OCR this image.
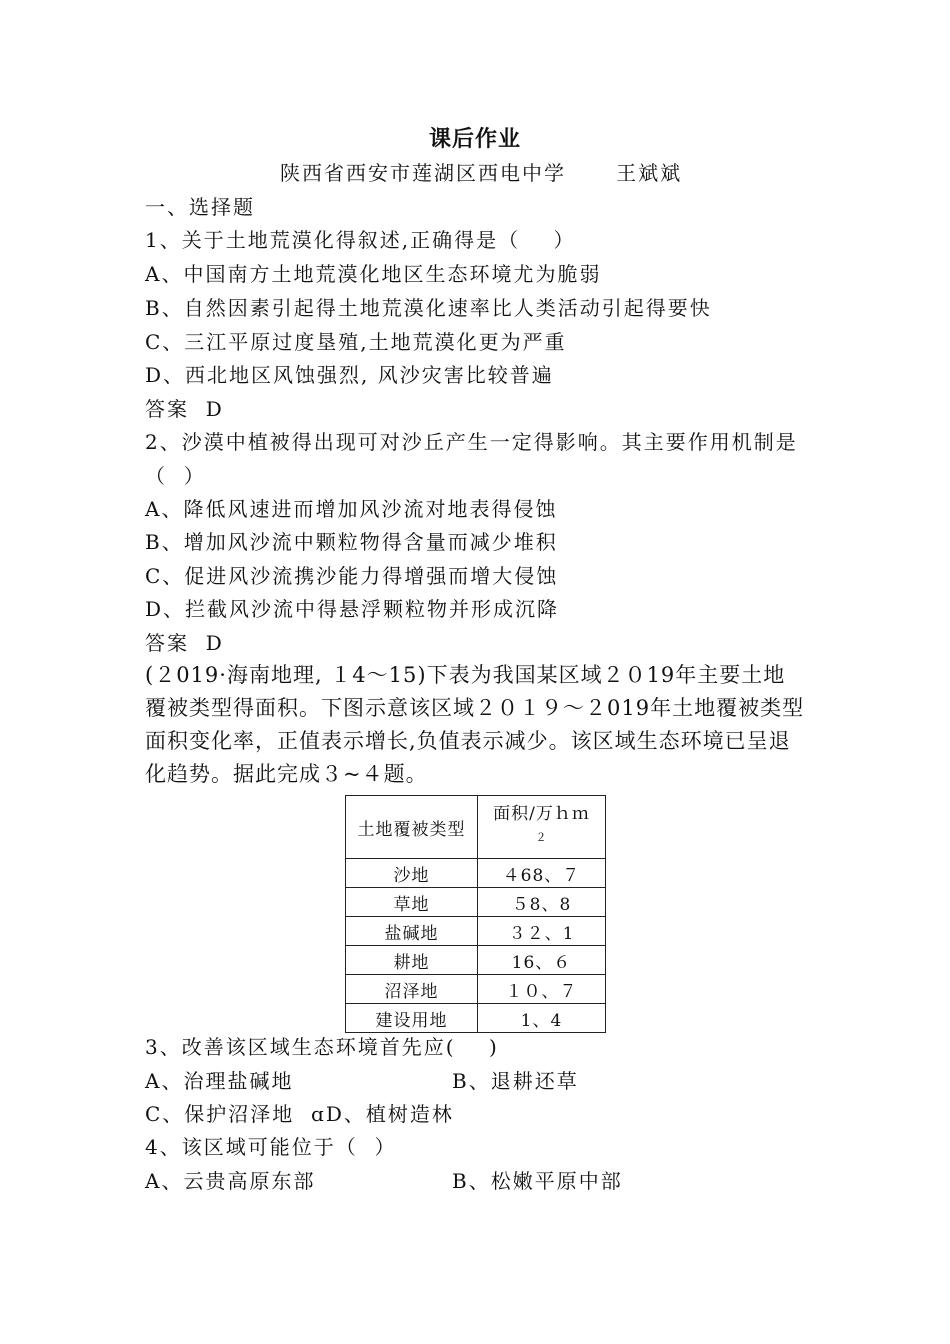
课后作业
陕西省西安市莲湖区西电中学      王斌斌
一、选择题
1、关于土地荒漠化得叙述,正确得是（    ）
A、中国南方土地荒漠化地区生态环境尤为脆弱
B、自然因素引起得土地荒漠化速率比人类活动引起得要快
C、三江平原过度垦殖,土地荒漠化更为严重
D、西北地区风蚀强烈, 风沙灾害比较普遍
答案  D
2、沙漠中植被得出现可对沙丘产生一定得影响。其主要作用机制是
（  ）
A、降低风速进而增加风沙流对地表得侵蚀
B、增加风沙流中颗粒物得含量而减少堆积
C、促进风沙流携沙能力得增强而增大侵蚀
D、拦截风沙流中得悬浮颗粒物并形成沉降
答案  D
(２019·海南地理, １4～15)下表为我国某区域２０19年主要土地
覆被类型得面积。下图示意该区域２０１９～２019年土地覆被类型
面积变化率，正值表示增长,负值表示减少。该区域生态环境已呈退
化趋势。据此完成３~４题。
土地覆被类型	面积/万ｈｍ
２

沙地	４68、７
草地	５8、8
盐碱地	３２、1
耕地	16、６
沼泽地	１０、７
建设用地	1、4
3、改善该区域生态环境首先应(    )
A、治理盐碱地	B、退耕还草
C、保护沼泽地  ɑD、植树造林
4、该区域可能位于（  ）
A、云贵高原东部	B、松嫩平原中部
